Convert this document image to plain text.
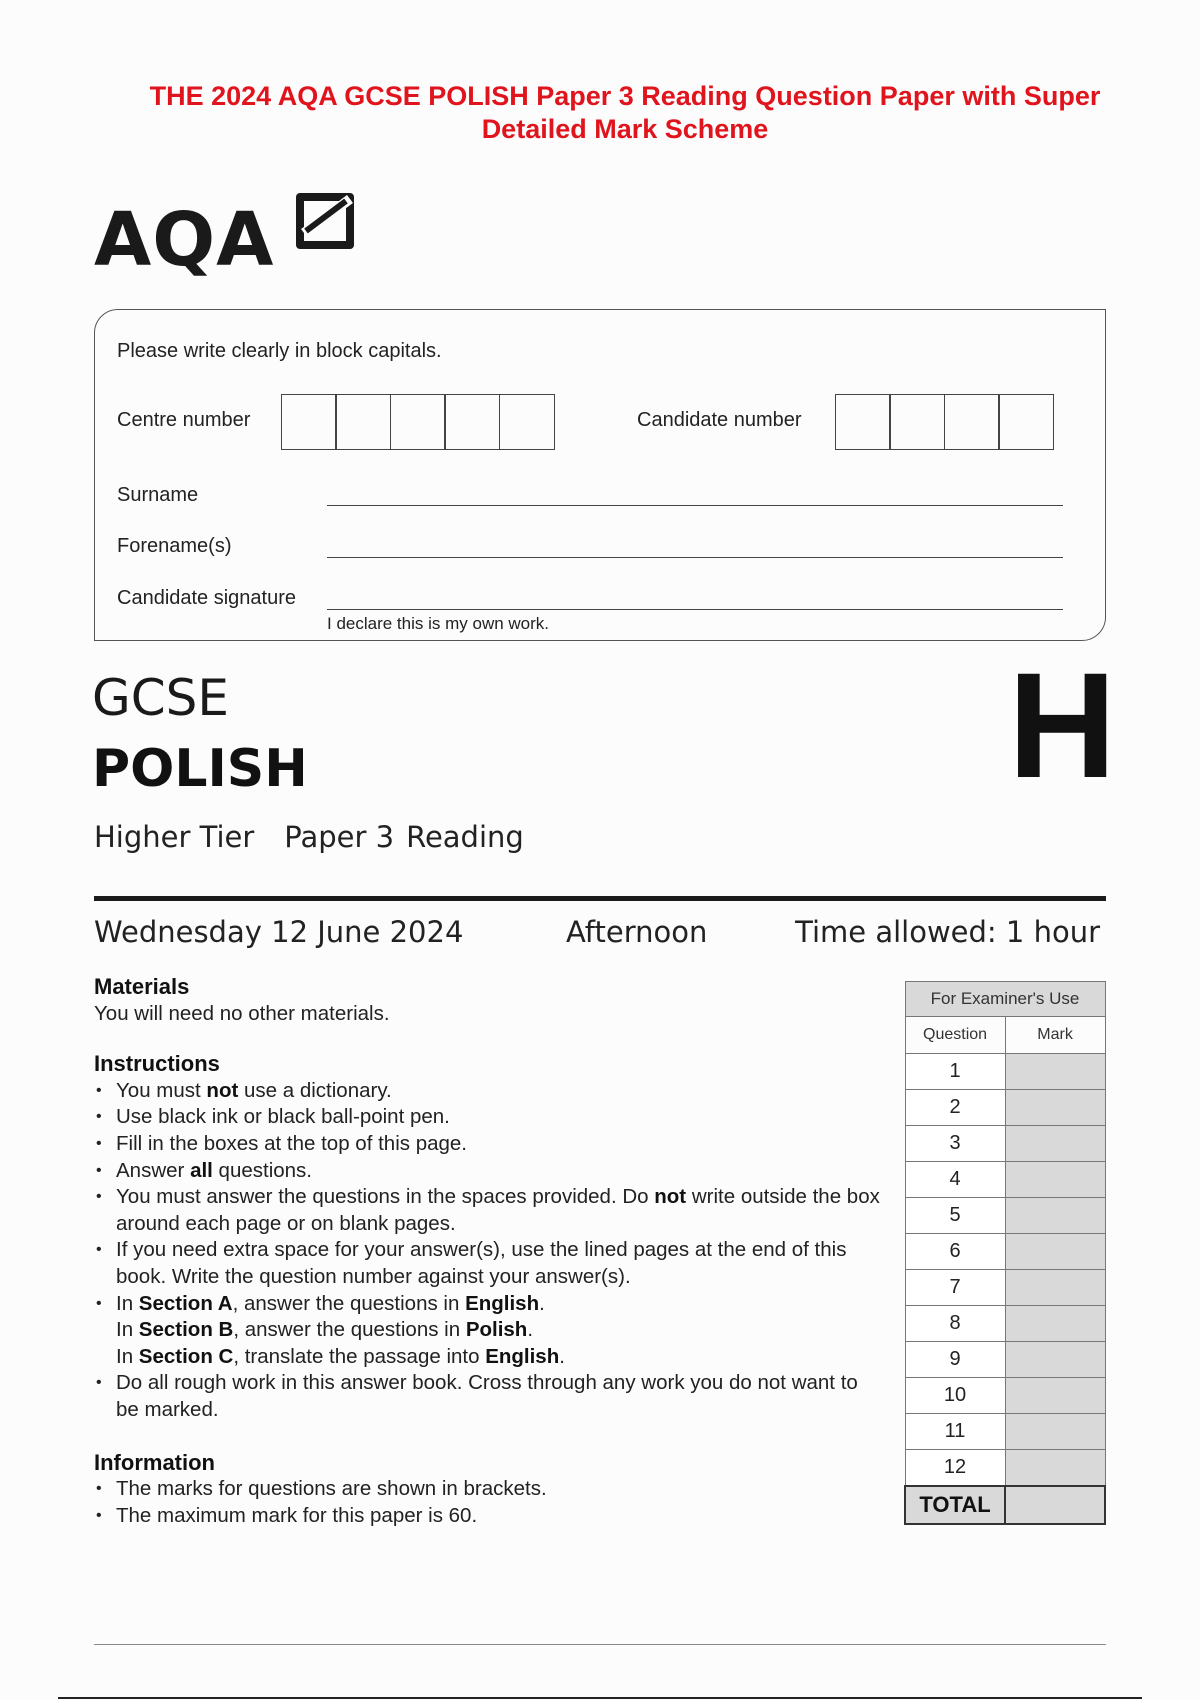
THE 2024 AQA GCSE POLISH Paper 3 Reading Question Paper with Super
Detailed Mark Scheme
AQA
Please write clearly in block capitals.
Centre number	Candidate number
Surname
Forename(s)
Candidate signature
I declare this is my own work.
GCSE
POLISH	H
Higher Tier Paper 3 Reading
Wednesday 12 June 2024	Afternoon	Time allowed: 1 hour
Materials
You will need no other materials.
Instructions
• You must not use a dictionary.
• Use black ink or black ball-point pen.
• Fill in the boxes at the top of this page.
• Answer all questions.
• You must answer the questions in the spaces provided. Do not write outside the box around each page or on blank pages.
• If you need extra space for your answer(s), use the lined pages at the end of this book. Write the question number against your answer(s).
• In Section A, answer the questions in English.
In Section B, answer the questions in Polish.
In Section C, translate the passage into English.
• Do all rough work in this answer book. Cross through any work you do not want to be marked.
Information
• The marks for questions are shown in brackets.
• The maximum mark for this paper is 60.
For Examiner's Use	
Question	Mark
1	
2	
3	
4	
5	
6	
7	
8	
9	
10	
11	
12	
TOTAL	
